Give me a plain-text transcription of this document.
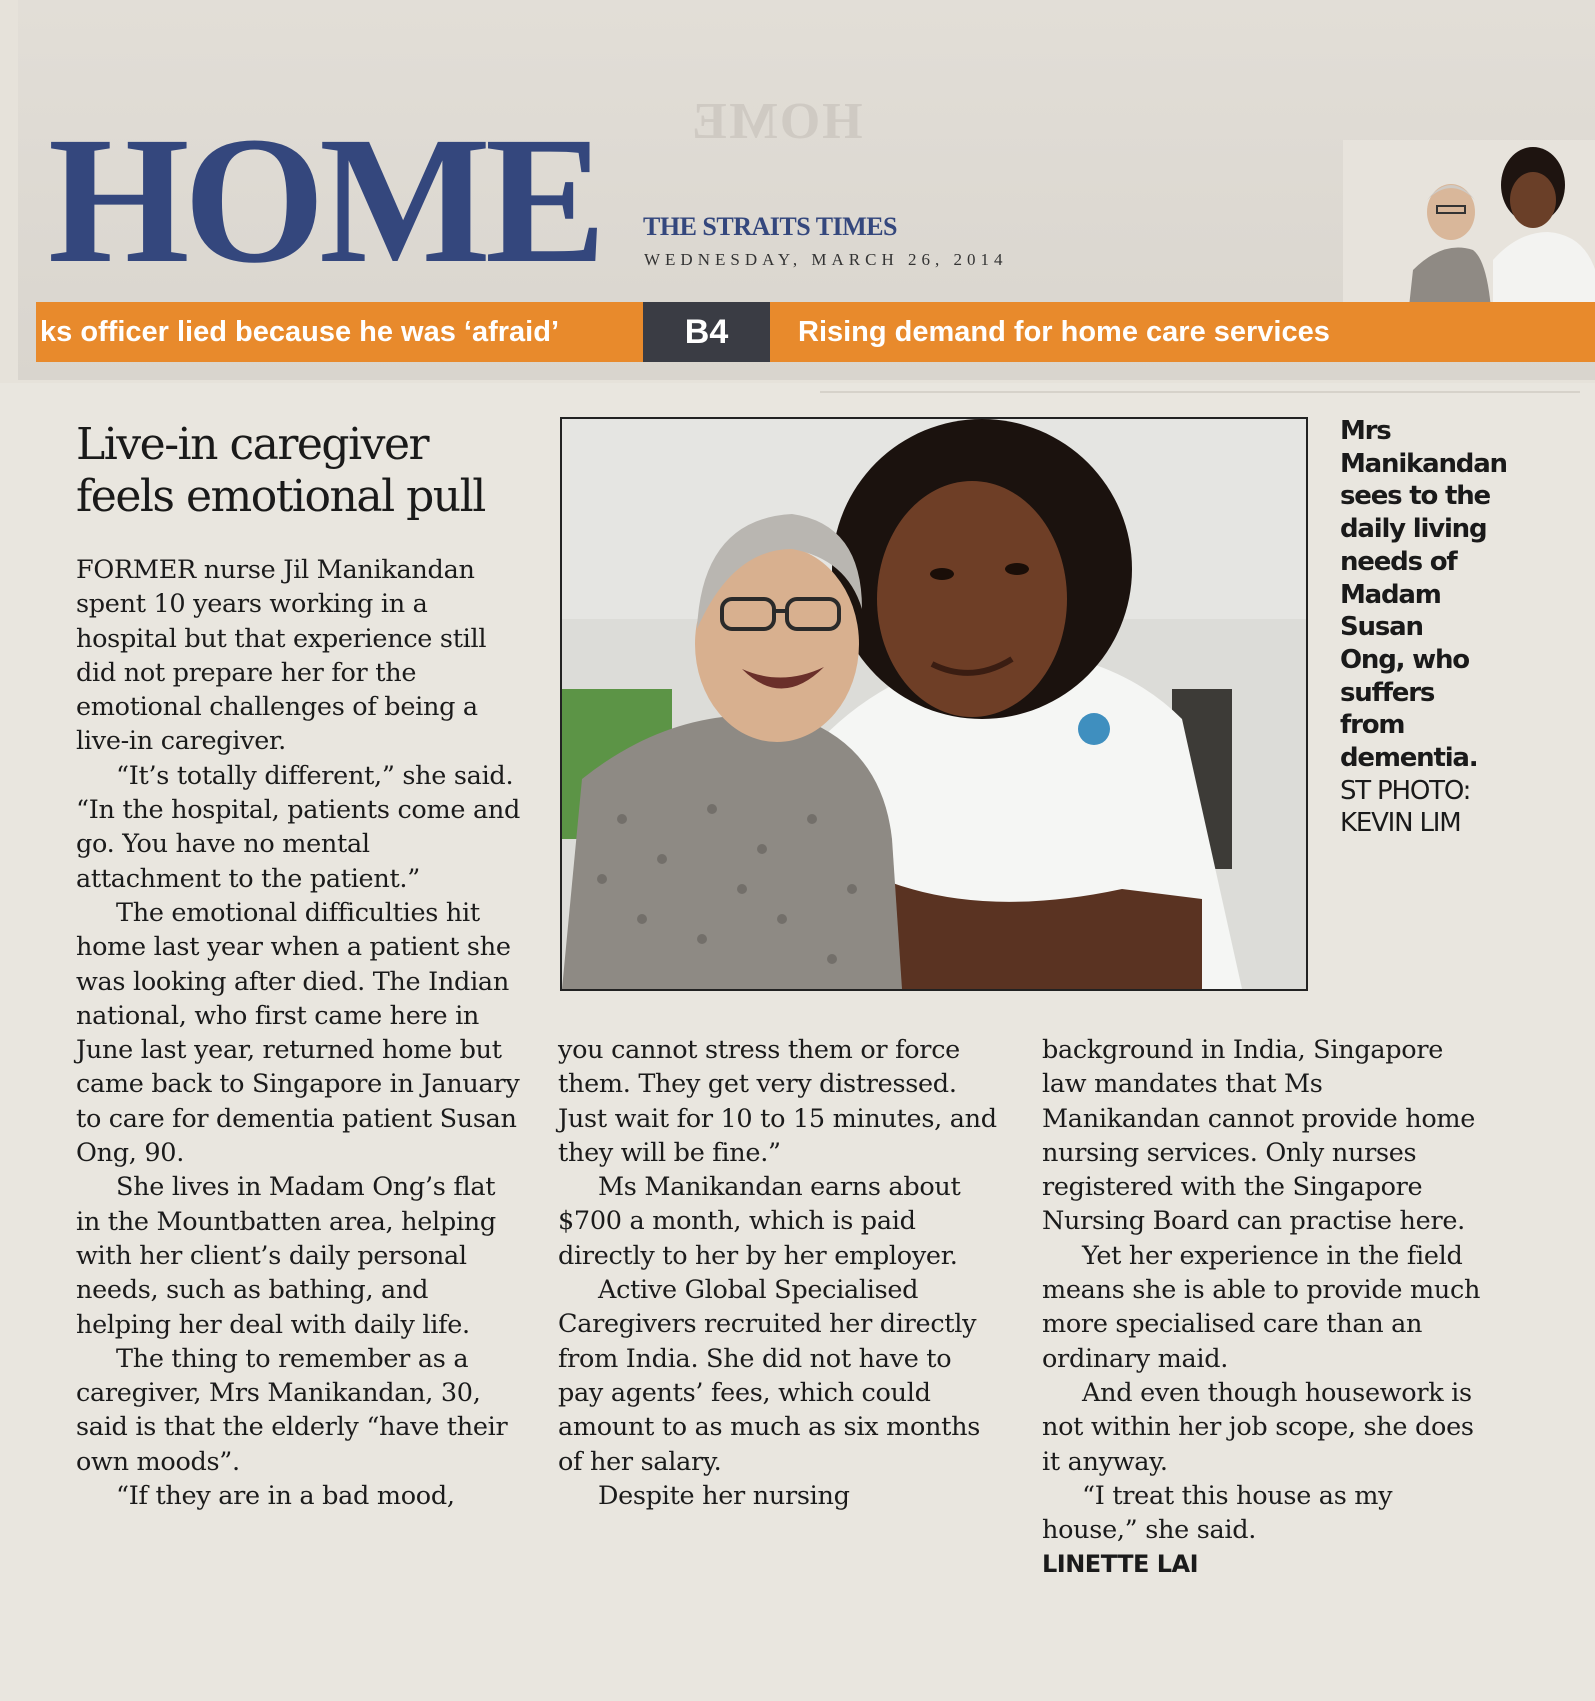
HOME
HOME THE STRAITS TIMES
WEDNESDAY, MARCH 26, 2014
ks officer lied because he was ‘afraid’	B4	Rising demand for home care services
Live-in caregiver feels emotional pull
Mrs Manikandan sees to the daily living needs of Madam Susan Ong, who suffers from dementia.
ST PHOTO: KEVIN LIM

FORMER nurse Jil Manikandan spent 10 years working in a hospital but that experience still did not prepare her for the emotional challenges of being a live-in caregiver.

“It’s totally different,” she said. “In the hospital, patients come and go. You have no mental attachment to the patient.”

The emotional difficulties hit home last year when a patient she was looking after died. The Indian national, who first came here in June last year, returned home but came back to Singapore in January to care for dementia patient Susan Ong, 90.

She lives in Madam Ong’s flat in the Mountbatten area, helping with her client’s daily personal needs, such as bathing, and helping her deal with daily life.

The thing to remember as a caregiver, Mrs Manikandan, 30, said is that the elderly “have their own moods”.

“If they are in a bad mood,

you cannot stress them or force them. They get very distressed. Just wait for 10 to 15 minutes, and they will be fine.”

Ms Manikandan earns about $700 a month, which is paid directly to her by her employer.

Active Global Specialised Caregivers recruited her directly from India. She did not have to pay agents’ fees, which could amount to as much as six months of her salary.

Despite her nursing

background in India, Singapore law mandates that Ms Manikandan cannot provide home nursing services. Only nurses registered with the Singapore Nursing Board can practise here.

Yet her experience in the field means she is able to provide much more specialised care than an ordinary maid.

And even though housework is not within her job scope, she does it anyway.

“I treat this house as my house,” she said.

LINETTE LAI
